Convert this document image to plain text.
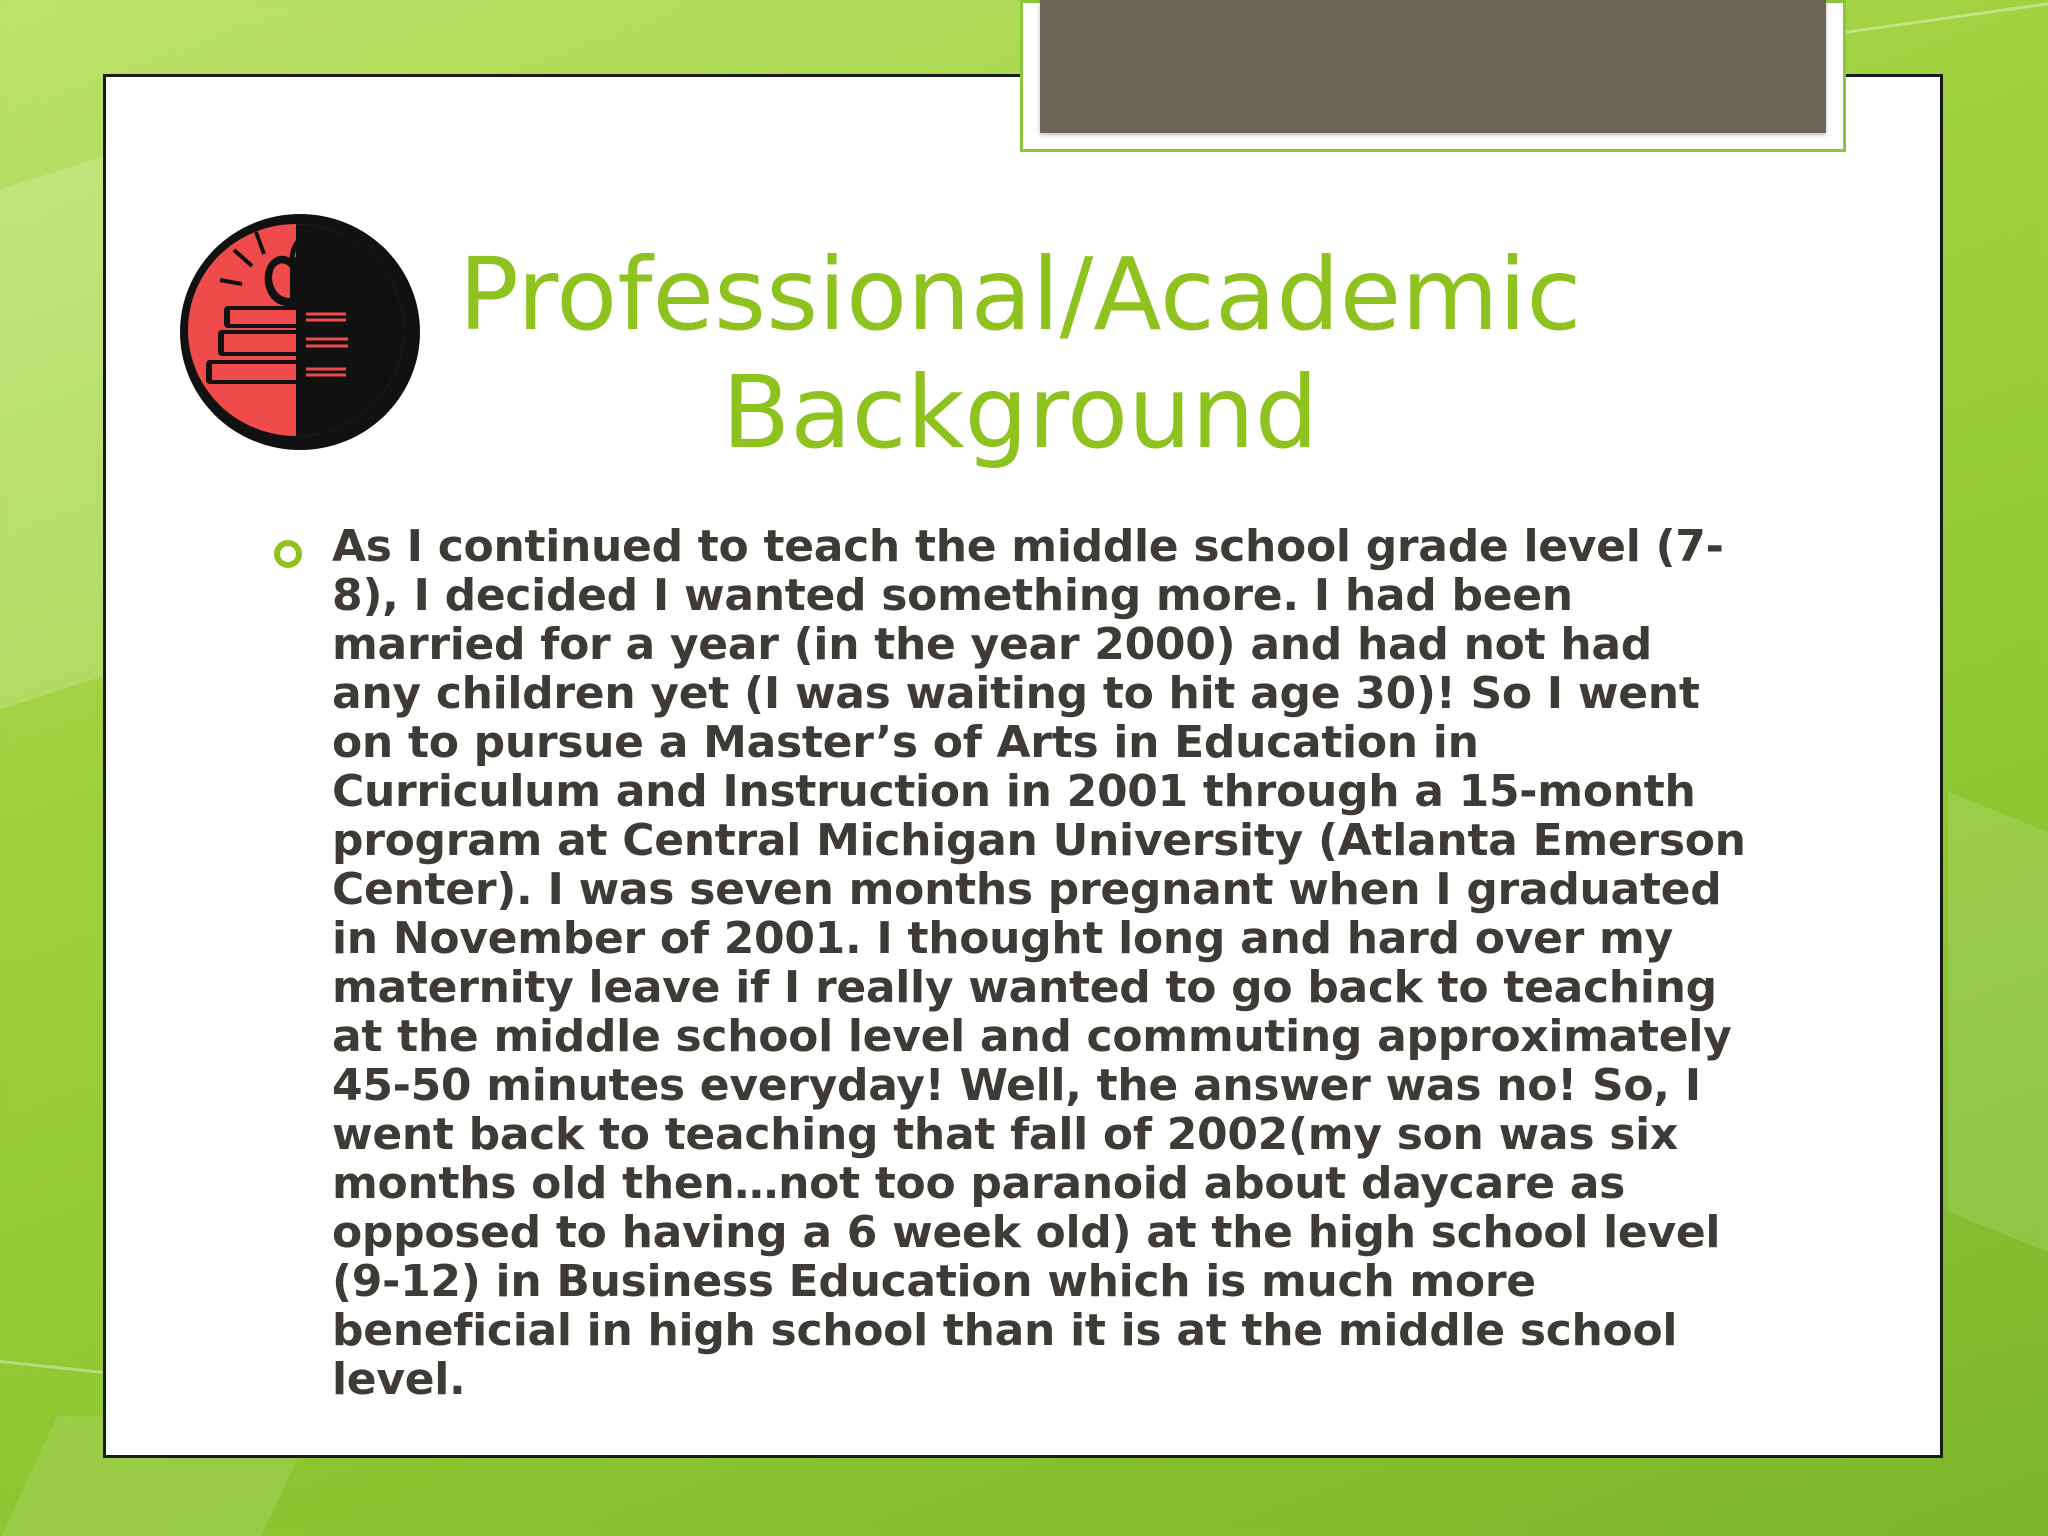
Professional/Academic Background
As I continued to teach the middle school grade level (7-8), I decided I wanted something more. I had been married for a year (in the year 2000) and had not had any children yet (I was waiting to hit age 30)! So I went on to pursue a Master’s of Arts in Education in Curriculum and Instruction in 2001 through a 15-month program at Central Michigan University (Atlanta Emerson Center). I was seven months pregnant when I graduated in November of 2001. I thought long and hard over my maternity leave if I really wanted to go back to teaching at the middle school level and commuting approximately 45-50 minutes everyday! Well, the answer was no! So, I went back to teaching that fall of 2002(my son was six months old then…not too paranoid about daycare as opposed to having a 6 week old) at the high school level (9-12) in Business Education which is much more beneficial in high school than it is at the middle school level.
